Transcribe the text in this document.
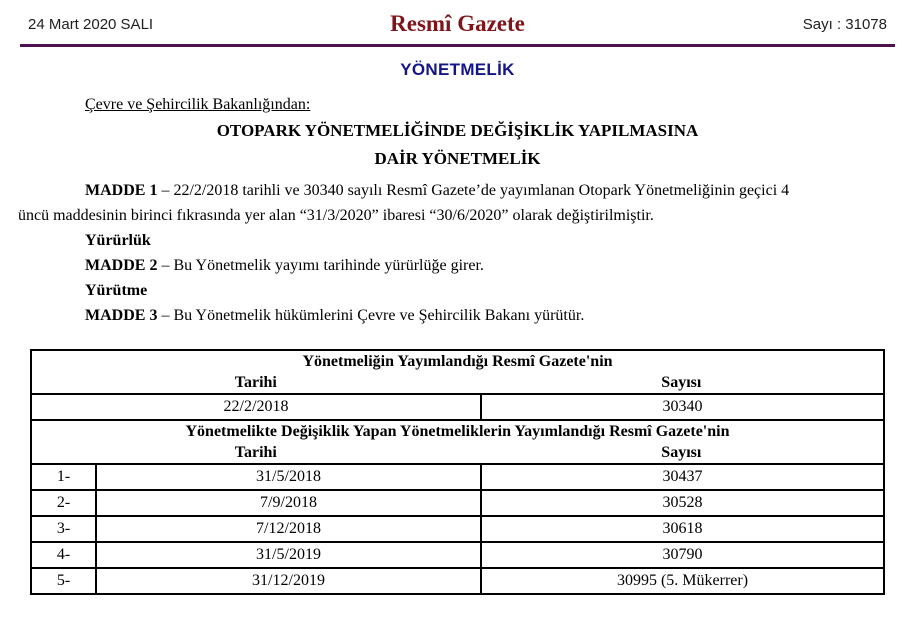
24 Mart 2020 SALI	Resmî Gazete	Sayı : 31078
YÖNETMELİK
Çevre ve Şehircilik Bakanlığından:
OTOPARK YÖNETMELİĞİNDE DEĞİŞİKLİK YAPILMASINA
DAİR YÖNETMELİK

MADDE 1 – 22/2/2018 tarihli ve 30340 sayılı Resmî Gazete’de yayımlanan Otopark Yönetmeliğinin geçici 4
üncü maddesinin birinci fıkrasında yer alan “31/3/2020” ibaresi “30/6/2020” olarak değiştirilmiştir.

Yürürlük

MADDE 2 – Bu Yönetmelik yayımı tarihinde yürürlüğe girer.

Yürütme

MADDE 3 – Bu Yönetmelik hükümlerini Çevre ve Şehircilik Bakanı yürütür.

Yönetmeliğin Yayımlandığı Resmî Gazete'nin
Tarihi Sayısı		

22/2/2018		30340

Yönetmelikte Değişiklik Yapan Yönetmeliklerin Yayımlandığı Resmî Gazete'nin
Tarihi Sayısı		

1-	31/5/2018	30437
2-	7/9/2018	30528
3-	7/12/2018	30618
4-	31/5/2019	30790
5-	31/12/2019	30995 (5. Mükerrer)
